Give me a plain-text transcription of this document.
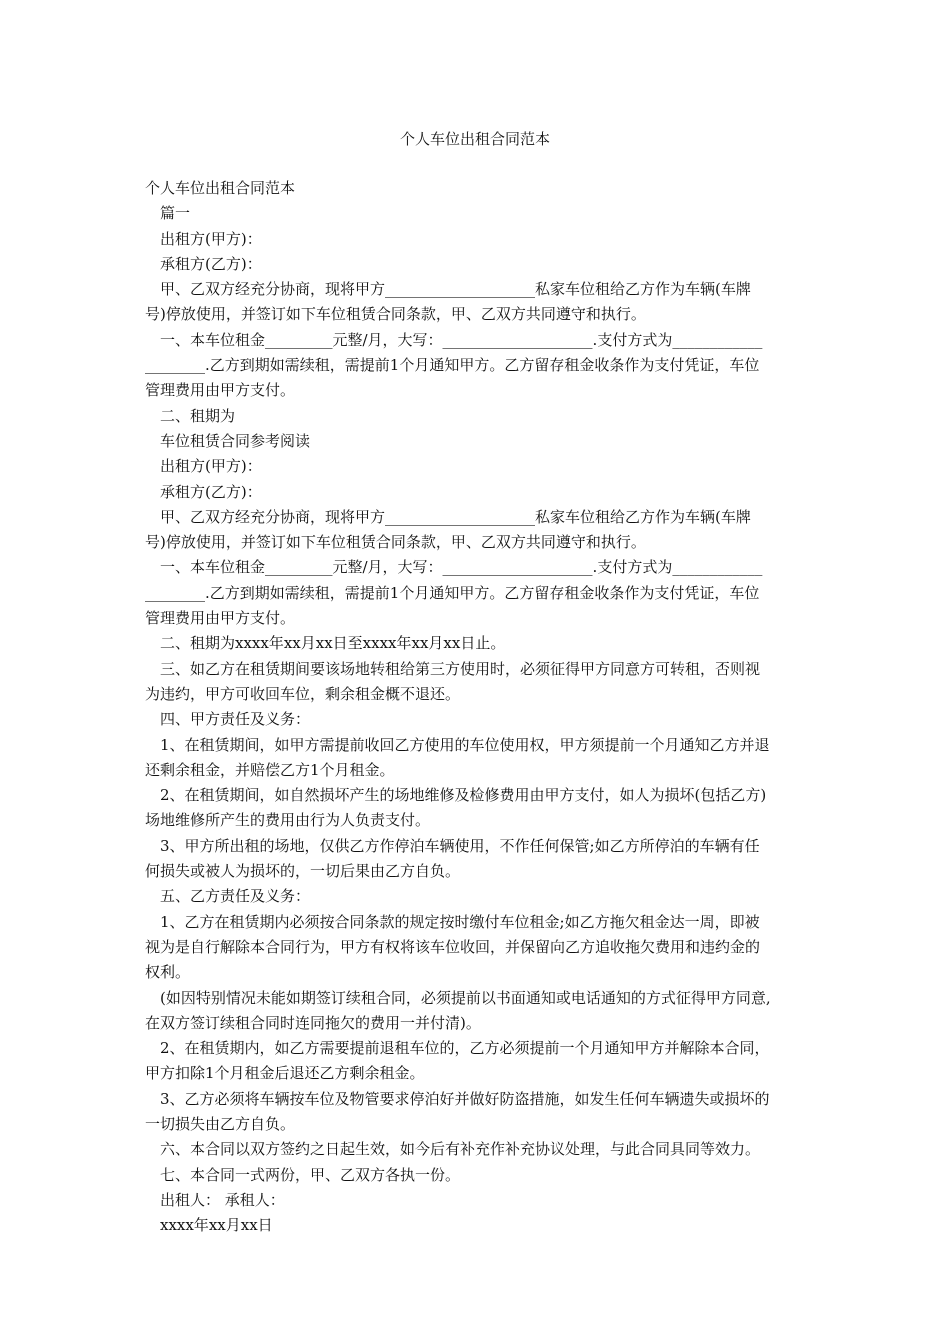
个人车位出租合同范本
个人车位出租合同范本
篇一
出租方(甲方)：
承租方(乙方)：
甲、乙双方经充分协商，现将甲方____________________私家车位租给乙方作为车辆(车牌
号)停放使用，并签订如下车位租赁合同条款，甲、乙双方共同遵守和执行。
一、本车位租金_________元整/月，大写：____________________.支付方式为____________
________.乙方到期如需续租，需提前1个月通知甲方。乙方留存租金收条作为支付凭证，车位
管理费用由甲方支付。
二、租期为
车位租赁合同参考阅读
出租方(甲方)：
承租方(乙方)：
甲、乙双方经充分协商，现将甲方____________________私家车位租给乙方作为车辆(车牌
号)停放使用，并签订如下车位租赁合同条款，甲、乙双方共同遵守和执行。
一、本车位租金_________元整/月，大写：____________________.支付方式为____________
________.乙方到期如需续租，需提前1个月通知甲方。乙方留存租金收条作为支付凭证，车位
管理费用由甲方支付。
二、租期为xxxx年xx月xx日至xxxx年xx月xx日止。
三、如乙方在租赁期间要该场地转租给第三方使用时，必须征得甲方同意方可转租，否则视
为违约，甲方可收回车位，剩余租金概不退还。
四、甲方责任及义务：
1、在租赁期间，如甲方需提前收回乙方使用的车位使用权，甲方须提前一个月通知乙方并退
还剩余租金，并赔偿乙方1个月租金。
2、在租赁期间，如自然损坏产生的场地维修及检修费用由甲方支付，如人为损坏(包括乙方)
场地维修所产生的费用由行为人负责支付。
3、甲方所出租的场地，仅供乙方作停泊车辆使用，不作任何保管;如乙方所停泊的车辆有任
何损失或被人为损坏的，一切后果由乙方自负。
五、乙方责任及义务：
1、乙方在租赁期内必须按合同条款的规定按时缴付车位租金;如乙方拖欠租金达一周，即被
视为是自行解除本合同行为，甲方有权将该车位收回，并保留向乙方追收拖欠费用和违约金的
权利。
(如因特别情况未能如期签订续租合同，必须提前以书面通知或电话通知的方式征得甲方同意,
在双方签订续租合同时连同拖欠的费用一并付清)。
2、在租赁期内，如乙方需要提前退租车位的，乙方必须提前一个月通知甲方并解除本合同，
甲方扣除1个月租金后退还乙方剩余租金。
3、乙方必须将车辆按车位及物管要求停泊好并做好防盗措施，如发生任何车辆遗失或损坏的
一切损失由乙方自负。
六、本合同以双方签约之日起生效，如今后有补充作补充协议处理，与此合同具同等效力。
七、本合同一式两份，甲、乙双方各执一份。
出租人： 承租人：
xxxx年xx月xx日
